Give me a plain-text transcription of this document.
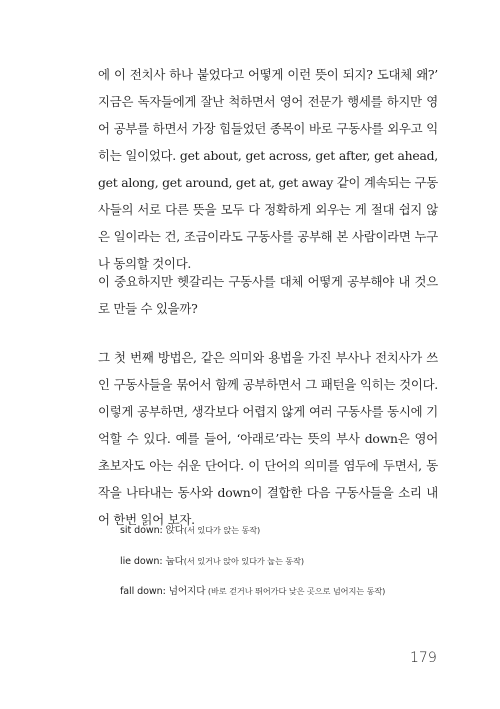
에 이 전치사 하나 붙었다고 어떻게 이런 뜻이 되지? 도대체 왜?’ 지금은 독자들에게 잘난 척하면서 영어 전문가 행세를 하지만 영어 공부를 하면서 가장 힘들었던 종목이 바로 구동사를 외우고 익히는 일이었다. get about, get across, get after, get ahead, get along, get around, get at, get away 같이 계속되는 구동사들의 서로 다른 뜻을 모두 다 정확하게 외우는 게 절대 쉽지 않은 일이라는 건, 조금이라도 구동사를 공부해 본 사람이라면 누구나 동의할 것이다.

이 중요하지만 헷갈리는 구동사를 대체 어떻게 공부해야 내 것으로 만들 수 있을까?

그 첫 번째 방법은, 같은 의미와 용법을 가진 부사나 전치사가 쓰인 구동사들을 묶어서 함께 공부하면서 그 패턴을 익히는 것이다. 이렇게 공부하면, 생각보다 어렵지 않게 여러 구동사를 동시에 기억할 수 있다. 예를 들어, ‘아래로’라는 뜻의 부사 down은 영어 초보자도 아는 쉬운 단어다. 이 단어의 의미를 염두에 두면서, 동작을 나타내는 동사와 down이 결합한 다음 구동사들을 소리 내어 한번 읽어 보자.

sit down: 앉다(서 있다가 앉는 동작)
lie down: 눕다(서 있거나 앉아 있다가 눕는 동작)
fall down: 넘어지다 (바로 걷거나 뛰어가다 낮은 곳으로 넘어지는 동작)
179
